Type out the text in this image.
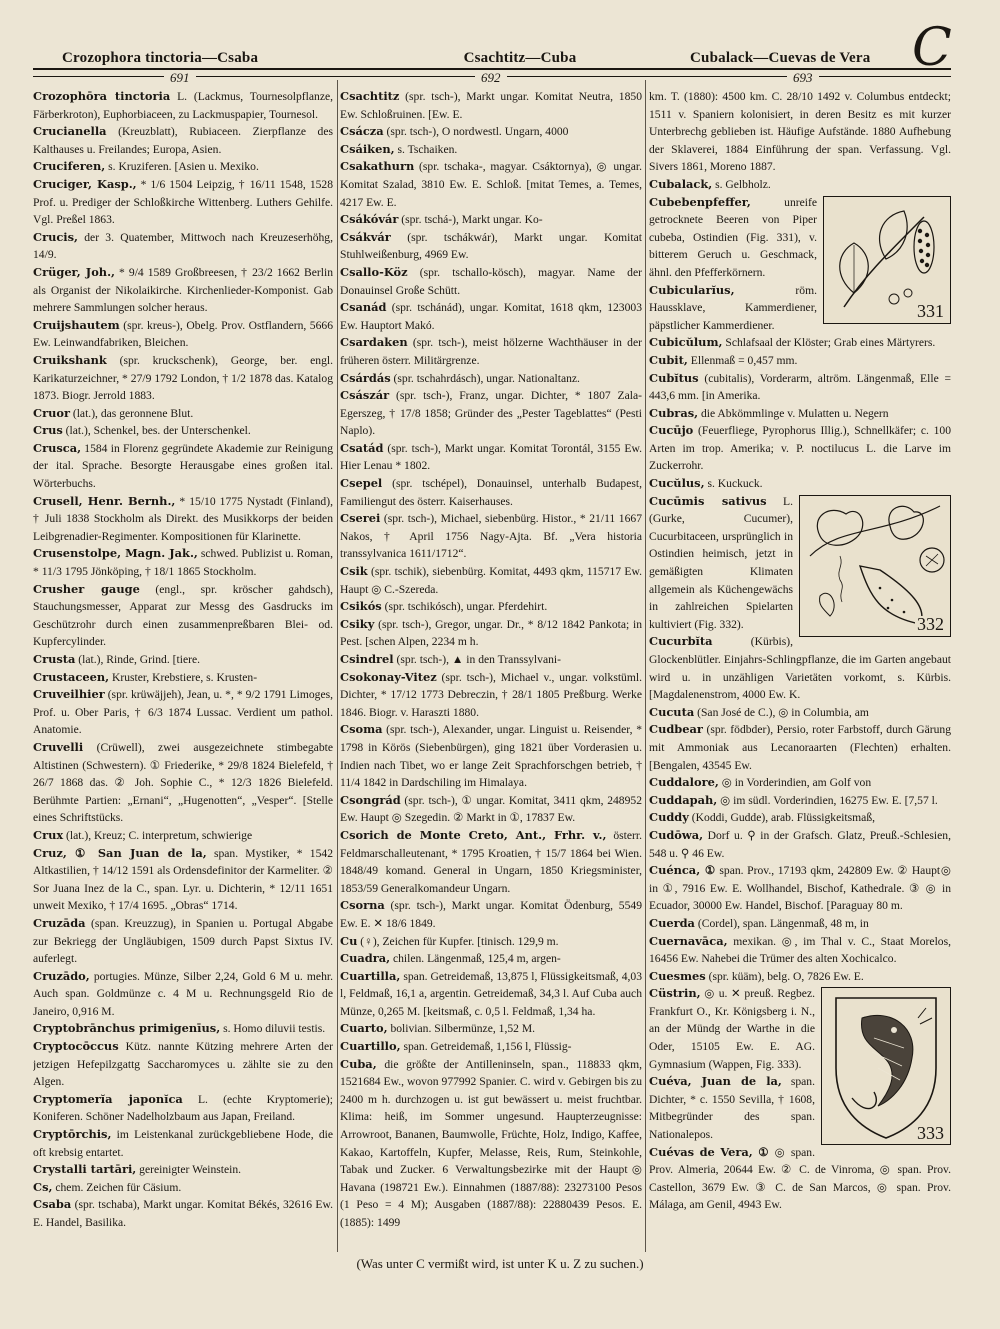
Crozophora tinctoria—Csaba	Csachtitz—Cuba	Cubalack—Cuevas de Vera C
691	692	693

Crozophōra tinctoria L. (Lackmus, Tournesolpflanze, Färberkroton), Euphorbiaceen, zu Lackmuspapier, Tournesol.

Crucianella (Kreuzblatt), Rubiaceen. Zierpflanze des Kalthauses u. Freilandes; Europa, Asien.

Cruciferen, s. Kruziferen. [Asien u. Mexiko.

Cruciger, Kasp., * 1/6 1504 Leipzig, † 16/11 1548, 1528 Prof. u. Prediger der Schloßkirche Wittenberg. Luthers Gehilfe. Vgl. Preßel 1863.

Crucis, der 3. Quatember, Mittwoch nach Kreuzeserhöhg, 14/9.

Crüger, Joh., * 9/4 1589 Großbreesen, † 23/2 1662 Berlin als Organist der Nikolaikirche. Kirchenlieder-Komponist. Gab mehrere Sammlungen solcher heraus.

Cruijshautem (spr. kreus-), Obelg. Prov. Ostflandern, 5666 Ew. Leinwandfabriken, Bleichen.

Cruikshank (spr. kruckschenk), George, ber. engl. Karikaturzeichner, * 27/9 1792 London, † 1/2 1878 das. Katalog 1873. Biogr. Jerrold 1883.

Cruor (lat.), das geronnene Blut.

Crus (lat.), Schenkel, bes. der Unterschenkel.

Crusca, 1584 in Florenz gegründete Akademie zur Reinigung der ital. Sprache. Besorgte Herausgabe eines großen ital. Wörterbuchs.

Crusell, Henr. Bernh., * 15/10 1775 Nystadt (Finland), † Juli 1838 Stockholm als Direkt. des Musikkorps der beiden Leibgrenadier-Regimenter. Kompositionen für Klarinette.

Crusenstolpe, Magn. Jak., schwed. Publizist u. Roman, * 11/3 1795 Jönköping, † 18/1 1865 Stockholm.

Crusher gauge (engl., spr. kröscher gahdsch), Stauchungsmesser, Apparat zur Messg des Gasdrucks im Geschützrohr durch einen zusammenpreßbaren Blei- od. Kupfercylinder.

Crusta (lat.), Rinde, Grind. [tiere.

Crustaceen, Kruster, Krebstiere, s. Krusten-

Cruveilhier (spr. krüwäjjeh), Jean, u. *, * 9/2 1791 Limoges, Prof. u. Ober Paris, † 6/3 1874 Lussac. Verdient um pathol. Anatomie.

Cruvelli (Crüwell), zwei ausgezeichnete stimbegabte Altistinen (Schwestern). ① Friederike, * 29/8 1824 Bielefeld, † 26/7 1868 das. ② Joh. Sophie C., * 12/3 1826 Bielefeld. Berühmte Partien: „Ernani“, „Hugenotten“, „Vesper“. [Stelle eines Schriftstücks.

Crux (lat.), Kreuz; C. interpretum, schwierige

Cruz, ① San Juan de la, span. Mystiker, * 1542 Altkastilien, † 14/12 1591 als Ordensdefinitor der Karmeliter. ② Sor Juana Inez de la C., span. Lyr. u. Dichterin, * 12/11 1651 unweit Mexiko, † 17/4 1695. „Obras“ 1714.

Cruzāda (span. Kreuzzug), in Spanien u. Portugal Abgabe zur Bekriegg der Ungläubigen, 1509 durch Papst Sixtus IV. auferlegt.

Cruzādo, portugies. Münze, Silber 2,24, Gold 6 M u. mehr. Auch span. Goldmünze c. 4 M u. Rechnungsgeld Rio de Janeiro, 0,916 M.

Cryptobrānchus primigenīus, s. Homo diluvii testis.

Cryptocōccus Kütz. nannte Kützing mehrere Arten der jetzigen Hefepilzgattg Saccharomyces u. zählte sie zu den Algen.

Cryptomerĭa japonĭca L. (echte Kryptomerie); Koniferen. Schöner Nadelholzbaum aus Japan, Freiland.

Cryptōrchis, im Leistenkanal zurückgebliebene Hode, die oft krebsig entartet.

Crystalli tartāri, gereinigter Weinstein.

Cs, chem. Zeichen für Cäsium.

Csaba (spr. tschaba), Markt ungar. Komitat Békés, 32616 Ew. E. Handel, Basilika.

Csachtitz (spr. tsch-), Markt ungar. Komitat Neutra, 1850 Ew. Schloßruinen. [Ew. E.

Csácza (spr. tsch-), O nordwestl. Ungarn, 4000

Csáiken, s. Tschaiken.

Csakathurn (spr. tschaka-, magyar. Csáktornya), ◎ ungar. Komitat Szalad, 3810 Ew. E. Schloß. [mitat Temes, a. Temes, 4217 Ew. E.

Csákóvár (spr. tschá-), Markt ungar. Ko-

Csákvár (spr. tschákwár), Markt ungar. Komitat Stuhlweißenburg, 4969 Ew.

Csallo-Köz (spr. tschallo-kösch), magyar. Name der Donauinsel Große Schütt.

Csanád (spr. tschánád), ungar. Komitat, 1618 qkm, 123003 Ew. Hauptort Makó.

Csardaken (spr. tsch-), meist hölzerne Wachthäuser in der früheren österr. Militärgrenze.

Csárdás (spr. tschahrdásch), ungar. Nationaltanz.

Császár (spr. tsch-), Franz, ungar. Dichter, * 1807 Zala-Egerszeg, † 17/8 1858; Gründer des „Pester Tageblattes“ (Pesti Naplo).

Csatád (spr. tsch-), Markt ungar. Komitat Torontál, 3155 Ew. Hier Lenau * 1802.

Csepel (spr. tschépel), Donauinsel, unterhalb Budapest, Familiengut des österr. Kaiserhauses.

Cserei (spr. tsch-), Michael, siebenbürg. Histor., * 21/11 1667 Nakos, † April 1756 Nagy-Ajta. Bf. „Vera historia transsylvanica 1611/1712“.

Csik (spr. tschik), siebenbürg. Komitat, 4493 qkm, 115717 Ew. Haupt ◎ C.-Szereda.

Csikós (spr. tschikósch), ungar. Pferdehirt.

Csiky (spr. tsch-), Gregor, ungar. Dr., * 8/12 1842 Pankota; in Pest. [schen Alpen, 2234 m h.

Csindrel (spr. tsch-), ▲ in den Transsylvani-

Csokonay-Vitez (spr. tsch-), Michael v., ungar. volkstüml. Dichter, * 17/12 1773 Debreczin, † 28/1 1805 Preßburg. Werke 1846. Biogr. v. Haraszti 1880.

Csoma (spr. tsch-), Alexander, ungar. Linguist u. Reisender, * 1798 in Körös (Siebenbürgen), ging 1821 über Vorderasien u. Indien nach Tibet, wo er lange Zeit Sprachforschgen betrieb, † 11/4 1842 in Dardschiling im Himalaya.

Csongrád (spr. tsch-), ① ungar. Komitat, 3411 qkm, 248952 Ew. Haupt ◎ Szegedin. ② Markt in ①, 17837 Ew.

Csorich de Monte Creto, Ant., Frhr. v., österr. Feldmarschalleutenant, * 1795 Kroatien, † 15/7 1864 bei Wien. 1848/49 komand. General in Ungarn, 1850 Kriegsminister, 1853/59 Generalkomandeur Ungarn.

Csorna (spr. tsch-), Markt ungar. Komitat Ödenburg, 5549 Ew. E. ✕ 18/6 1849.

Cu (♀), Zeichen für Kupfer. [tinisch. 129,9 m.

Cuadra, chilen. Längenmaß, 125,4 m, argen-

Cuartilla, span. Getreidemaß, 13,875 l, Flüssigkeitsmaß, 4,03 l, Feldmaß, 16,1 a, argentin. Getreidemaß, 34,3 l. Auf Cuba auch Münze, 0,265 M. [keitsmaß, c. 0,5 l. Feldmaß, 1,34 ha.

Cuarto, bolivian. Silbermünze, 1,52 M.

Cuartillo, span. Getreidemaß, 1,156 l, Flüssig-

Cuba, die größte der Antilleninseln, span., 118833 qkm, 1521684 Ew., wovon 977992 Spanier. C. wird v. Gebirgen bis zu 2400 m h. durchzogen u. ist gut bewässert u. meist fruchtbar. Klima: heiß, im Sommer ungesund. Haupterzeugnisse: Arrowroot, Bananen, Baumwolle, Früchte, Holz, Indigo, Kaffee, Kakao, Kartoffeln, Kupfer, Melasse, Reis, Rum, Steinkohle, Tabak und Zucker. 6 Verwaltungsbezirke mit der Haupt◎ Havana (198721 Ew.). Einnahmen (1887/88): 23273100 Pesos (1 Peso = 4 M); Ausgaben (1887/88): 22880439 Pesos. E. (1885): 1499

km. T. (1880): 4500 km. C. 28/10 1492 v. Columbus entdeckt; 1511 v. Spaniern kolonisiert, in deren Besitz es mit kurzer Unterbrechg geblieben ist. Häufige Aufstände. 1880 Aufhebung der Sklaverei, 1884 Einführung der span. Verfassung. Vgl. Sivers 1861, Moreno 1887.

Cubalack, s. Gelbholz.

331

Cubebenpfeffer, unreife getrocknete Beeren von Piper cubeba, Ostindien (Fig. 331), v. bitterem Geruch u. Geschmack, ähnl. den Pfefferkörnern.

Cubicularĭus, röm. Haussklave, Kammerdiener, päpstlicher Kammerdiener.

Cubicŭlum, Schlafsaal der Klöster; Grab eines Märtyrers.

Cubit, Ellenmaß = 0,457 mm.

Cubĭtus (cubitalis), Vorderarm, altröm. Längenmaß, Elle = 443,6 mm. [in Amerika.

Cubras, die Abkömmlinge v. Mulatten u. Negern

Cucūjo (Feuerfliege, Pyrophorus Illig.), Schnellkäfer; c. 100 Arten im trop. Amerika; v. P. noctilucus L. die Larve im Zuckerrohr.

Cucŭlus, s. Kuckuck.

332

Cucūmis sativus L. (Gurke, Cucumer), Cucurbitaceen, ursprünglich in Ostindien heimisch, jetzt in gemäßigten Klimaten allgemein als Küchengewächs in zahlreichen Spielarten kultiviert (Fig. 332).

Cucurbĭta (Kürbis), Glockenblütler. Einjahrs-Schlingpflanze, die im Garten angebaut wird u. in unzähligen Varietäten vorkomt, s. Kürbis. [Magdalenenstrom, 4000 Ew. K.

Cucuta (San José de C.), ◎ in Columbia, am

Cudbear (spr. födbder), Persio, roter Farbstoff, durch Gärung mit Ammoniak aus Lecanoraarten (Flechten) erhalten. [Bengalen, 43545 Ew.

Cuddalore, ◎ in Vorderindien, am Golf von

Cuddapah, ◎ im südl. Vorderindien, 16275 Ew. E. [7,57 l.

Cuddy (Koddi, Gudde), arab. Flüssigkeitsmaß,

Cudōwa, Dorf u. ⚲ in der Grafsch. Glatz, Preuß.-Schlesien, 548 u. ⚲ 46 Ew.

Cuénca, ① span. Prov., 17193 qkm, 242809 Ew. ② Haupt◎ in ①, 7916 Ew. E. Wollhandel, Bischof, Kathedrale. ③ ◎ in Ecuador, 30000 Ew. Handel, Bischof. [Paraguay 80 m.

Cuerda (Cordel), span. Längenmaß, 48 m, in

Cuernavāca, mexikan. ◎, im Thal v. C., Staat Morelos, 16456 Ew. Nahebei die Trümer des alten Xochicalco.

Cuesmes (spr. küäm), belg. O, 7826 Ew. E.

333

Cüstrin, ◎ u. ✕ preuß. Regbez. Frankfurt O., Kr. Königsberg i. N., an der Mündg der Warthe in die Oder, 15105 Ew. E. AG. Gymnasium (Wappen, Fig. 333).

Cuéva, Juan de la, span. Dichter, * c. 1550 Sevilla, † 1608, Mitbegründer des span. Nationalepos.

Cuévas de Vera, ① ◎ span. Prov. Almeria, 20644 Ew. ② C. de Vinroma, ◎ span. Prov. Castellon, 3679 Ew. ③ C. de San Marcos, ◎ span. Prov. Málaga, am Genil, 4943 Ew.

(Was unter C vermißt wird, ist unter K u. Z zu suchen.)
